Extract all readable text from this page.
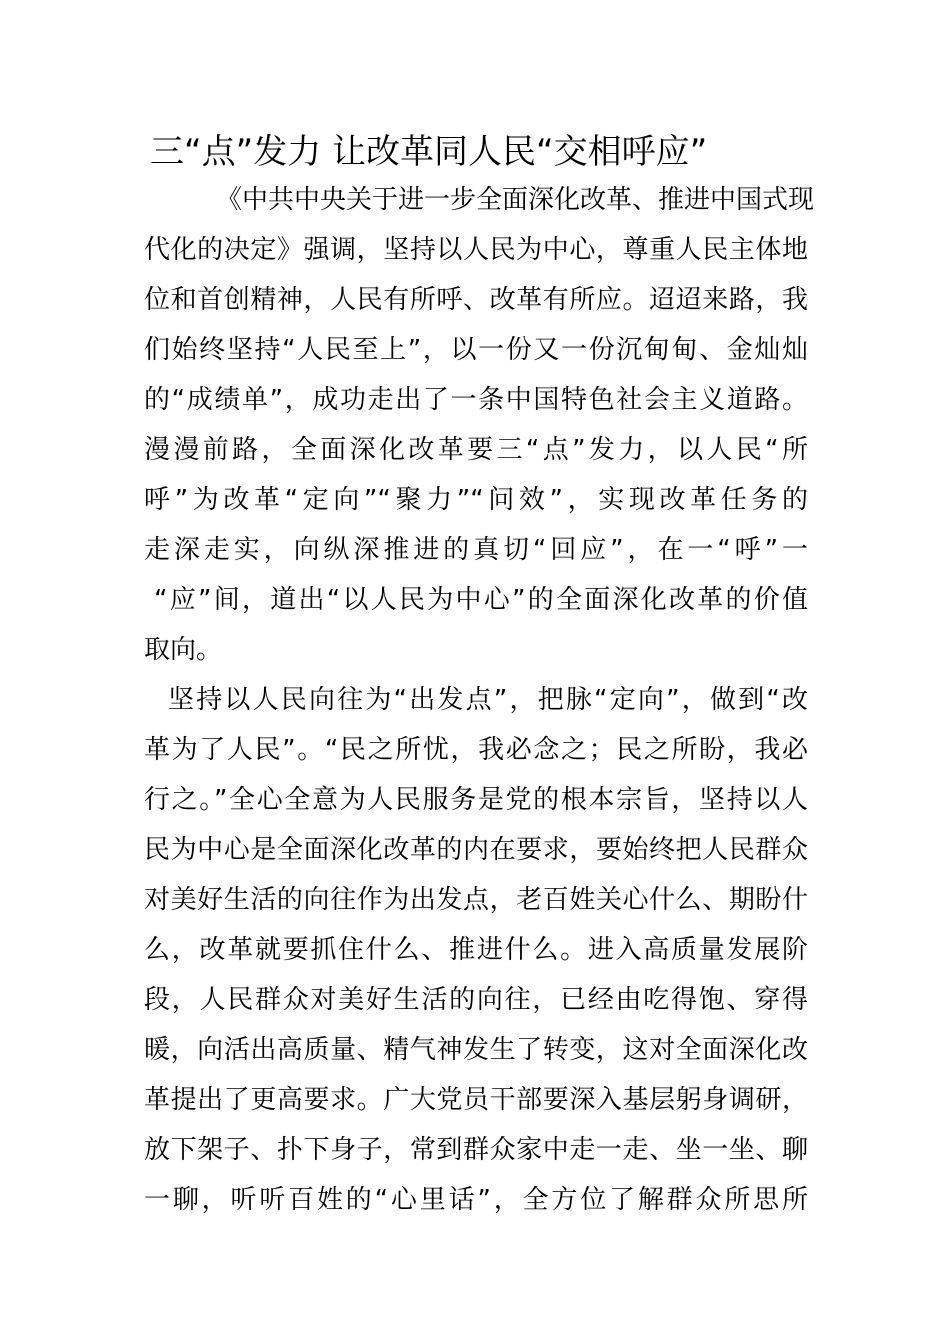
三“点”发力 让改革同人民“交相呼应”
《中共中央关于进一步全面深化改革、推进中国式现
代化的决定》强调，坚持以人民为中心，尊重人民主体地
位和首创精神，人民有所呼、改革有所应。迢迢来路，我
们始终坚持“人民至上”，以一份又一份沉甸甸、金灿灿
的“成绩单”，成功走出了一条中国特色社会主义道路。
漫漫前路，全面深化改革要三“点”发力，以人民“所
呼”为改革“定向”“聚力”“问效”，实现改革任务的
走深走实，向纵深推进的真切“回应”，在一“呼”一
“应”间，道出“以人民为中心”的全面深化改革的价值
取向。
坚持以人民向往为“出发点”，把脉“定向”，做到“改
革为了人民”。“民之所忧，我必念之；民之所盼，我必
行之。”全心全意为人民服务是党的根本宗旨，坚持以人
民为中心是全面深化改革的内在要求，要始终把人民群众
对美好生活的向往作为出发点，老百姓关心什么、期盼什
么，改革就要抓住什么、推进什么。进入高质量发展阶
段，人民群众对美好生活的向往，已经由吃得饱、穿得
暖，向活出高质量、精气神发生了转变，这对全面深化改
革提出了更高要求。广大党员干部要深入基层躬身调研，
放下架子、扑下身子，常到群众家中走一走、坐一坐、聊
一聊，听听百姓的“心里话”，全方位了解群众所思所
